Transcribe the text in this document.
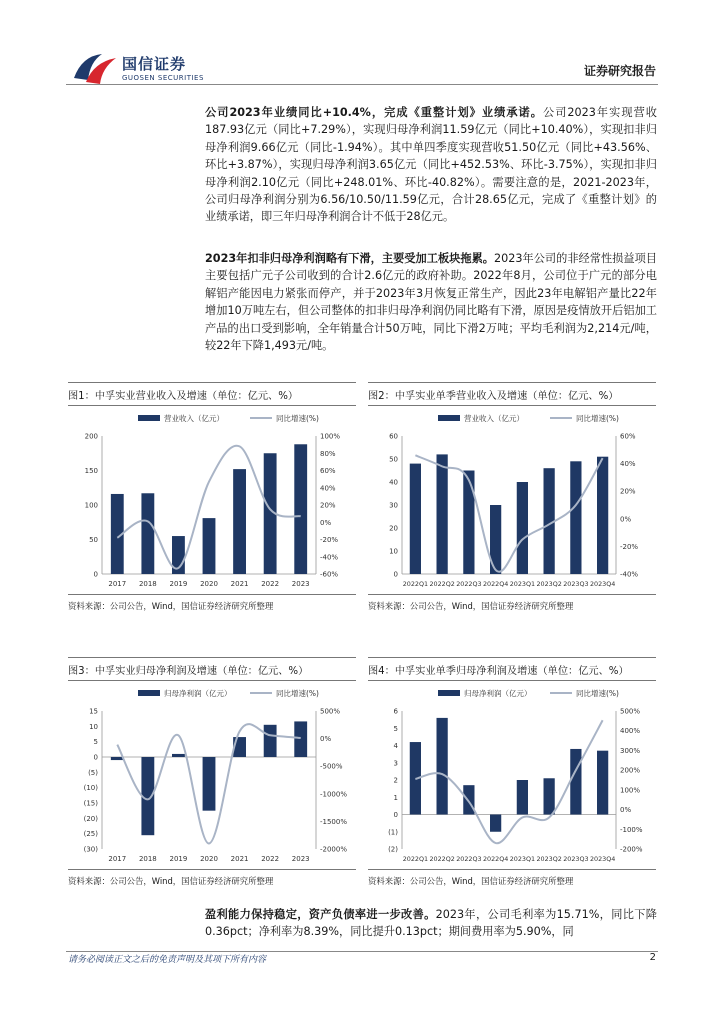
国信证券
GUOSEN SECURITIES	证券研究报告

公司2023年业绩同比+10.4%，完成《重整计划》业绩承诺。公司2023年实现营收187.93亿元（同比+7.29%），实现归母净利润11.59亿元（同比+10.40%），实现扣非归母净利润9.66亿元（同比-1.94%）。其中单四季度实现营收51.50亿元（同比+43.56%、环比+3.87%），实现归母净利润3.65亿元（同比+452.53%、环比-3.75%），实现扣非归母净利润2.10亿元（同比+248.01%、环比-40.82%）。需要注意的是，2021-2023年，公司归母净利润分别为6.56/10.50/11.59亿元，合计28.65亿元，完成了《重整计划》的业绩承诺，即三年归母净利润合计不低于28亿元。

2023年扣非归母净利润略有下滑，主要受加工板块拖累。2023年公司的非经常性损益项目主要包括广元子公司收到的合计2.6亿元的政府补助。2022年8月，公司位于广元的部分电解铝产能因电力紧张而停产，并于2023年3月恢复正常生产，因此23年电解铝产量比22年增加10万吨左右，但公司整体的扣非归母净利润仍同比略有下滑，原因是疫情放开后铝加工产品的出口受到影响，全年销量合计50万吨，同比下滑2万吨；平均毛利润为2,214元/吨，较22年下降1,493元/吨。

图1：中孚实业营业收入及增速（单位：亿元、%）
0
50
100
150
200
-60%
-40%
-20%
0%
20%
40%
60%
80%
100%
2017 2018 2019 2020 2021 2022 2023
营业收入（亿元）	同比增速(%)
资料来源：公司公告，Wind，国信证券经济研究所整理
图2：中孚实业单季营业收入及增速（单位：亿元、%）
0
10
20
30
40
50
60
-40%
-20%
0%
20%
40%
60%
2022Q1 2022Q2 2022Q3 2022Q4 2023Q1 2023Q2 2023Q3 2023Q4
营业收入（亿元）	同比增速(%)
资料来源：公司公告，Wind，国信证券经济研究所整理
图3：中孚实业归母净利润及增速（单位：亿元、%）
15
10
5
0
(5)
(10)
(15)
(20)
(25)
(30)
500%
0%
-500%
-1000%
-1500%
-2000%
2017 2018 2019 2020 2021 2022 2023
归母净利润（亿元）	同比增速(%)
资料来源：公司公告，Wind，国信证券经济研究所整理
图4：中孚实业单季归母净利润及增速（单位：亿元、%）
6
5
4
3
2
1
0
(1)
(2)
500%
400%
300%
200%
100%
0%
-100%
-200%
2022Q1 2022Q2 2022Q3 2022Q4 2023Q1 2023Q2 2023Q3 2023Q4
归母净利润（亿元）	同比增速(%)
资料来源：公司公告，Wind，国信证券经济研究所整理

盈利能力保持稳定，资产负债率进一步改善。2023年，公司毛利率为15.71%，同比下降0.36pct；净利率为8.39%，同比提升0.13pct；期间费用率为5.90%，同

请务必阅读正文之后的免责声明及其项下所有内容	2
